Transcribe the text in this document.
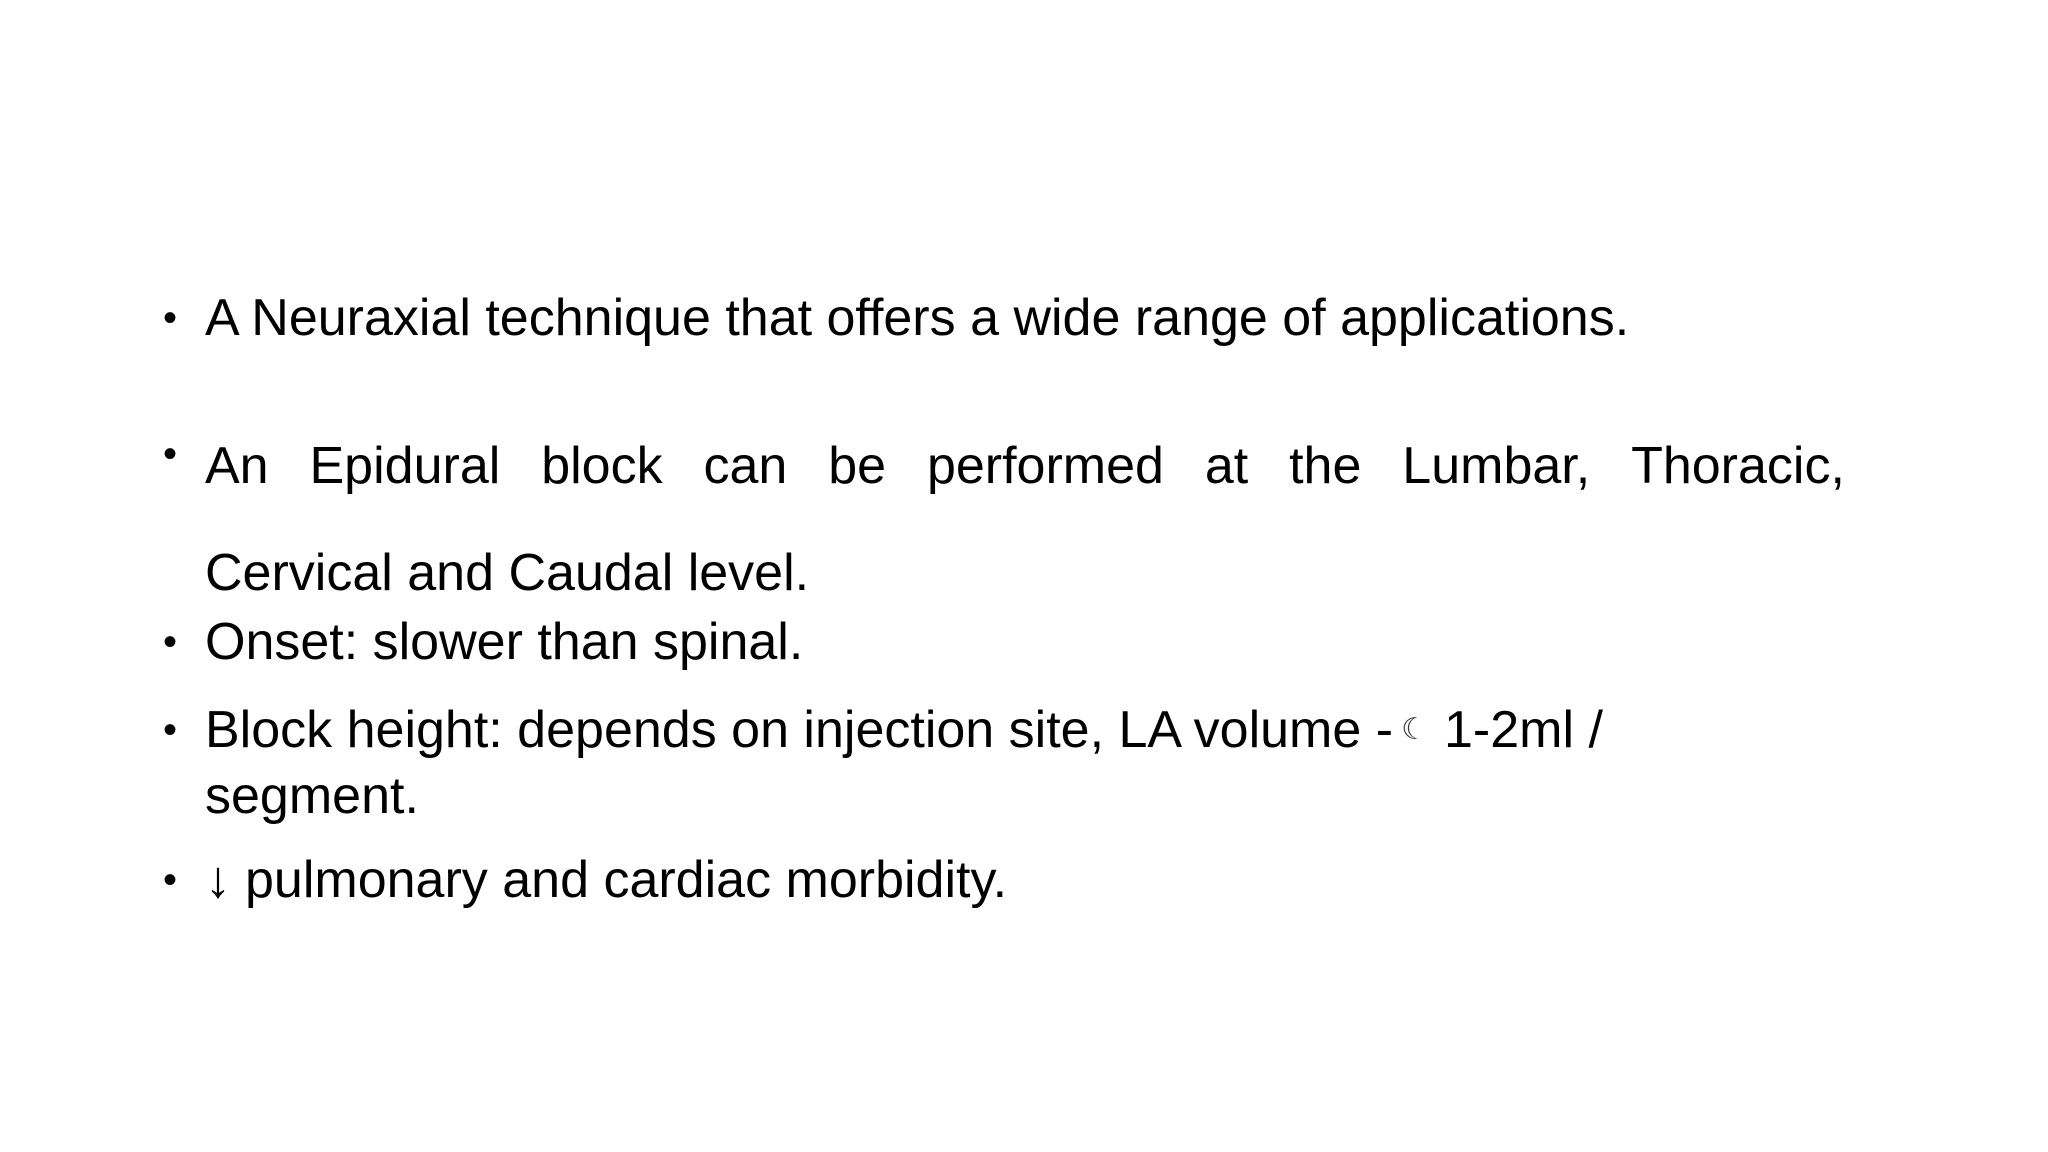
• A Neuraxial technique that offers a wide range of applications.
• An Epidural block can be performed at the Lumbar, Thoracic,
Cervical and Caudal level.
• Onset: slower than spinal.
• Block height: depends on injection site, LA volume - ☾ 1-2ml /
segment.
• ↓ pulmonary and cardiac morbidity.
